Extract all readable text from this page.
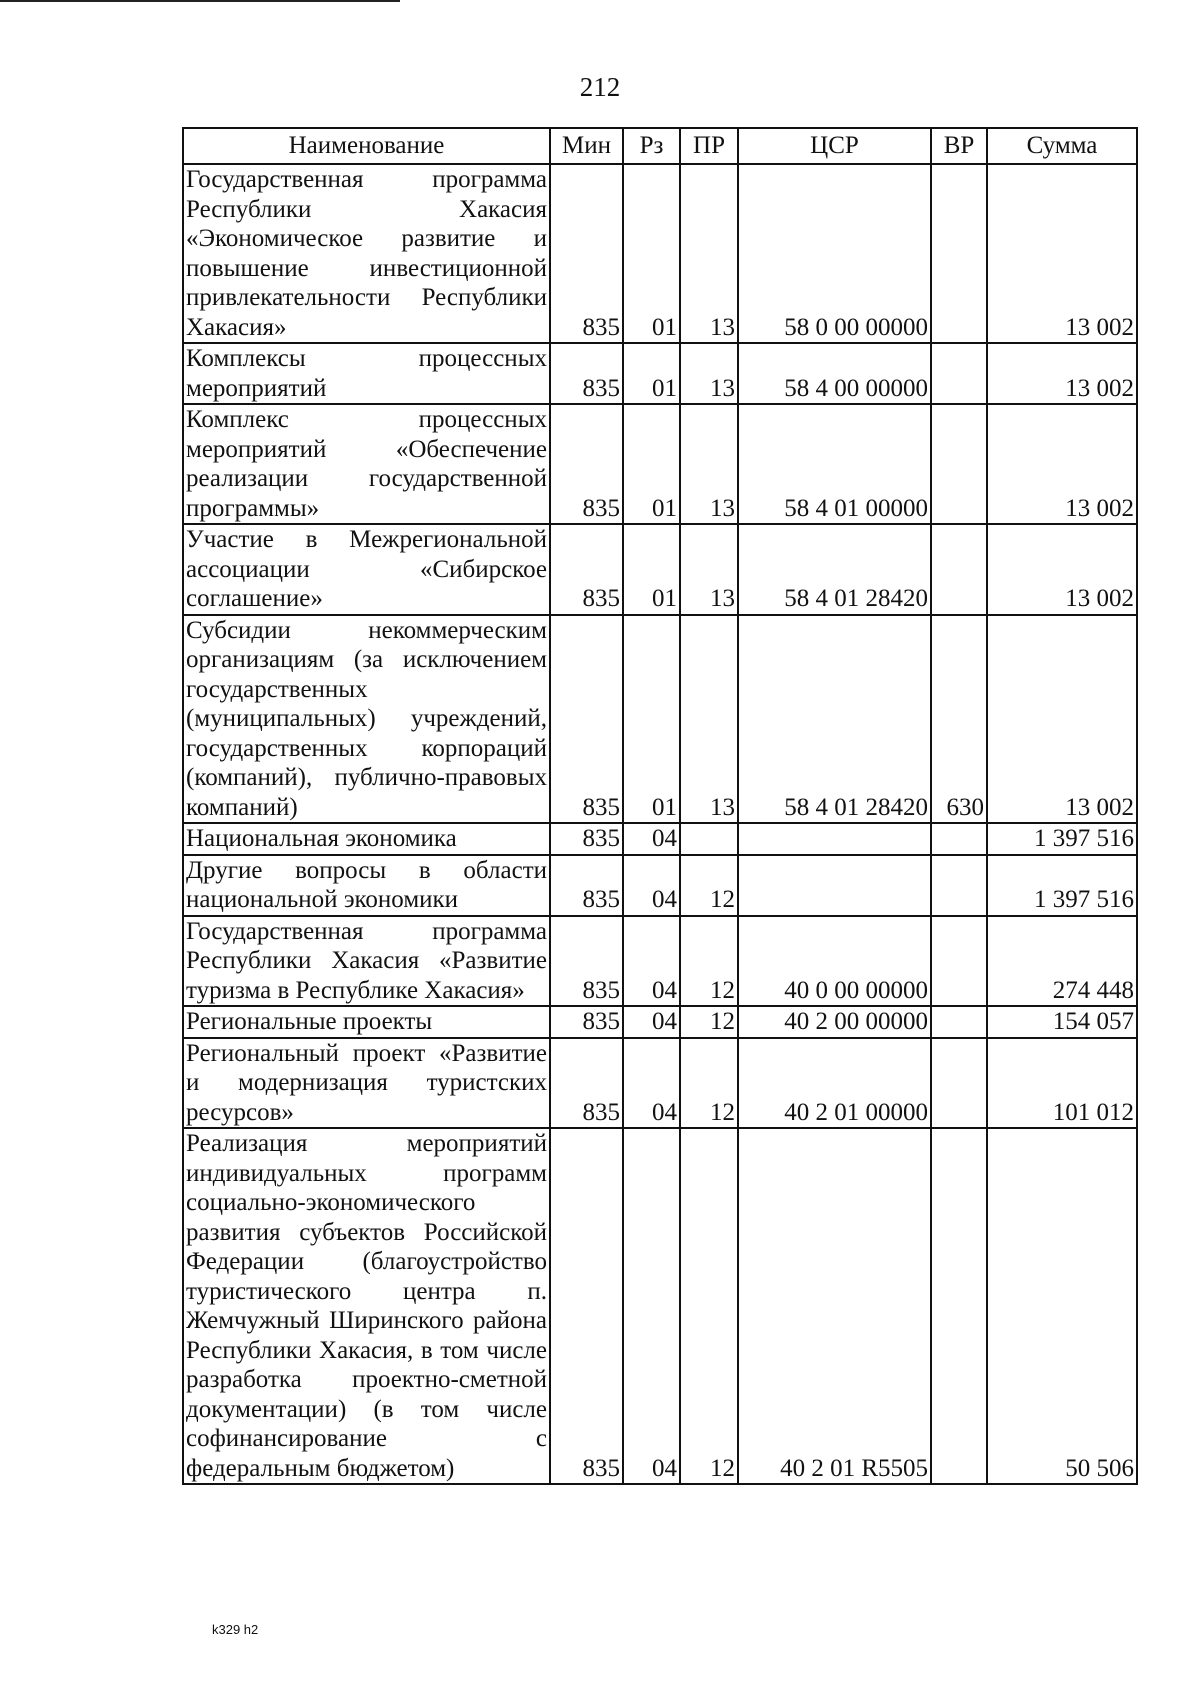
212
Наименование	Мин	Рз	ПР	ЦСР	ВР	Сумма
Государственная программа Республики Хакасия «Экономическое развитие и повышение инвестиционной привлекательности Республики Хакасия»	835	01	13	58 0 00 00000		13 002
Комплексы процессных мероприятий	835	01	13	58 4 00 00000		13 002
Комплекс процессных мероприятий «Обеспечение реализации государственной программы»	835	01	13	58 4 01 00000		13 002
Участие в Межрегиональной ассоциации «Сибирское соглашение»	835	01	13	58 4 01 28420		13 002
Субсидии некоммерческим организациям (за исключением государственных (муниципальных) учреждений, государственных корпораций (компаний), публично-правовых компаний)	835	01	13	58 4 01 28420	630	13 002
Национальная экономика	835	04				1 397 516
Другие вопросы в области национальной экономики	835	04	12			1 397 516
Государственная программа Республики Хакасия «Развитие туризма в Республике Хакасия»	835	04	12	40 0 00 00000		274 448
Региональные проекты	835	04	12	40 2 00 00000		154 057
Региональный проект «Развитие и модернизация туристских ресурсов»	835	04	12	40 2 01 00000		101 012
Реализация мероприятий индивидуальных программ социально-экономического развития субъектов Российской Федерации (благоустройство туристического центра п. Жемчужный Ширинского района Республики Хакасия, в том числе разработка проектно-сметной документации) (в том числе софинансирование с федеральным бюджетом)	835	04	12	40 2 01 R5505		50 506
k329 h2
